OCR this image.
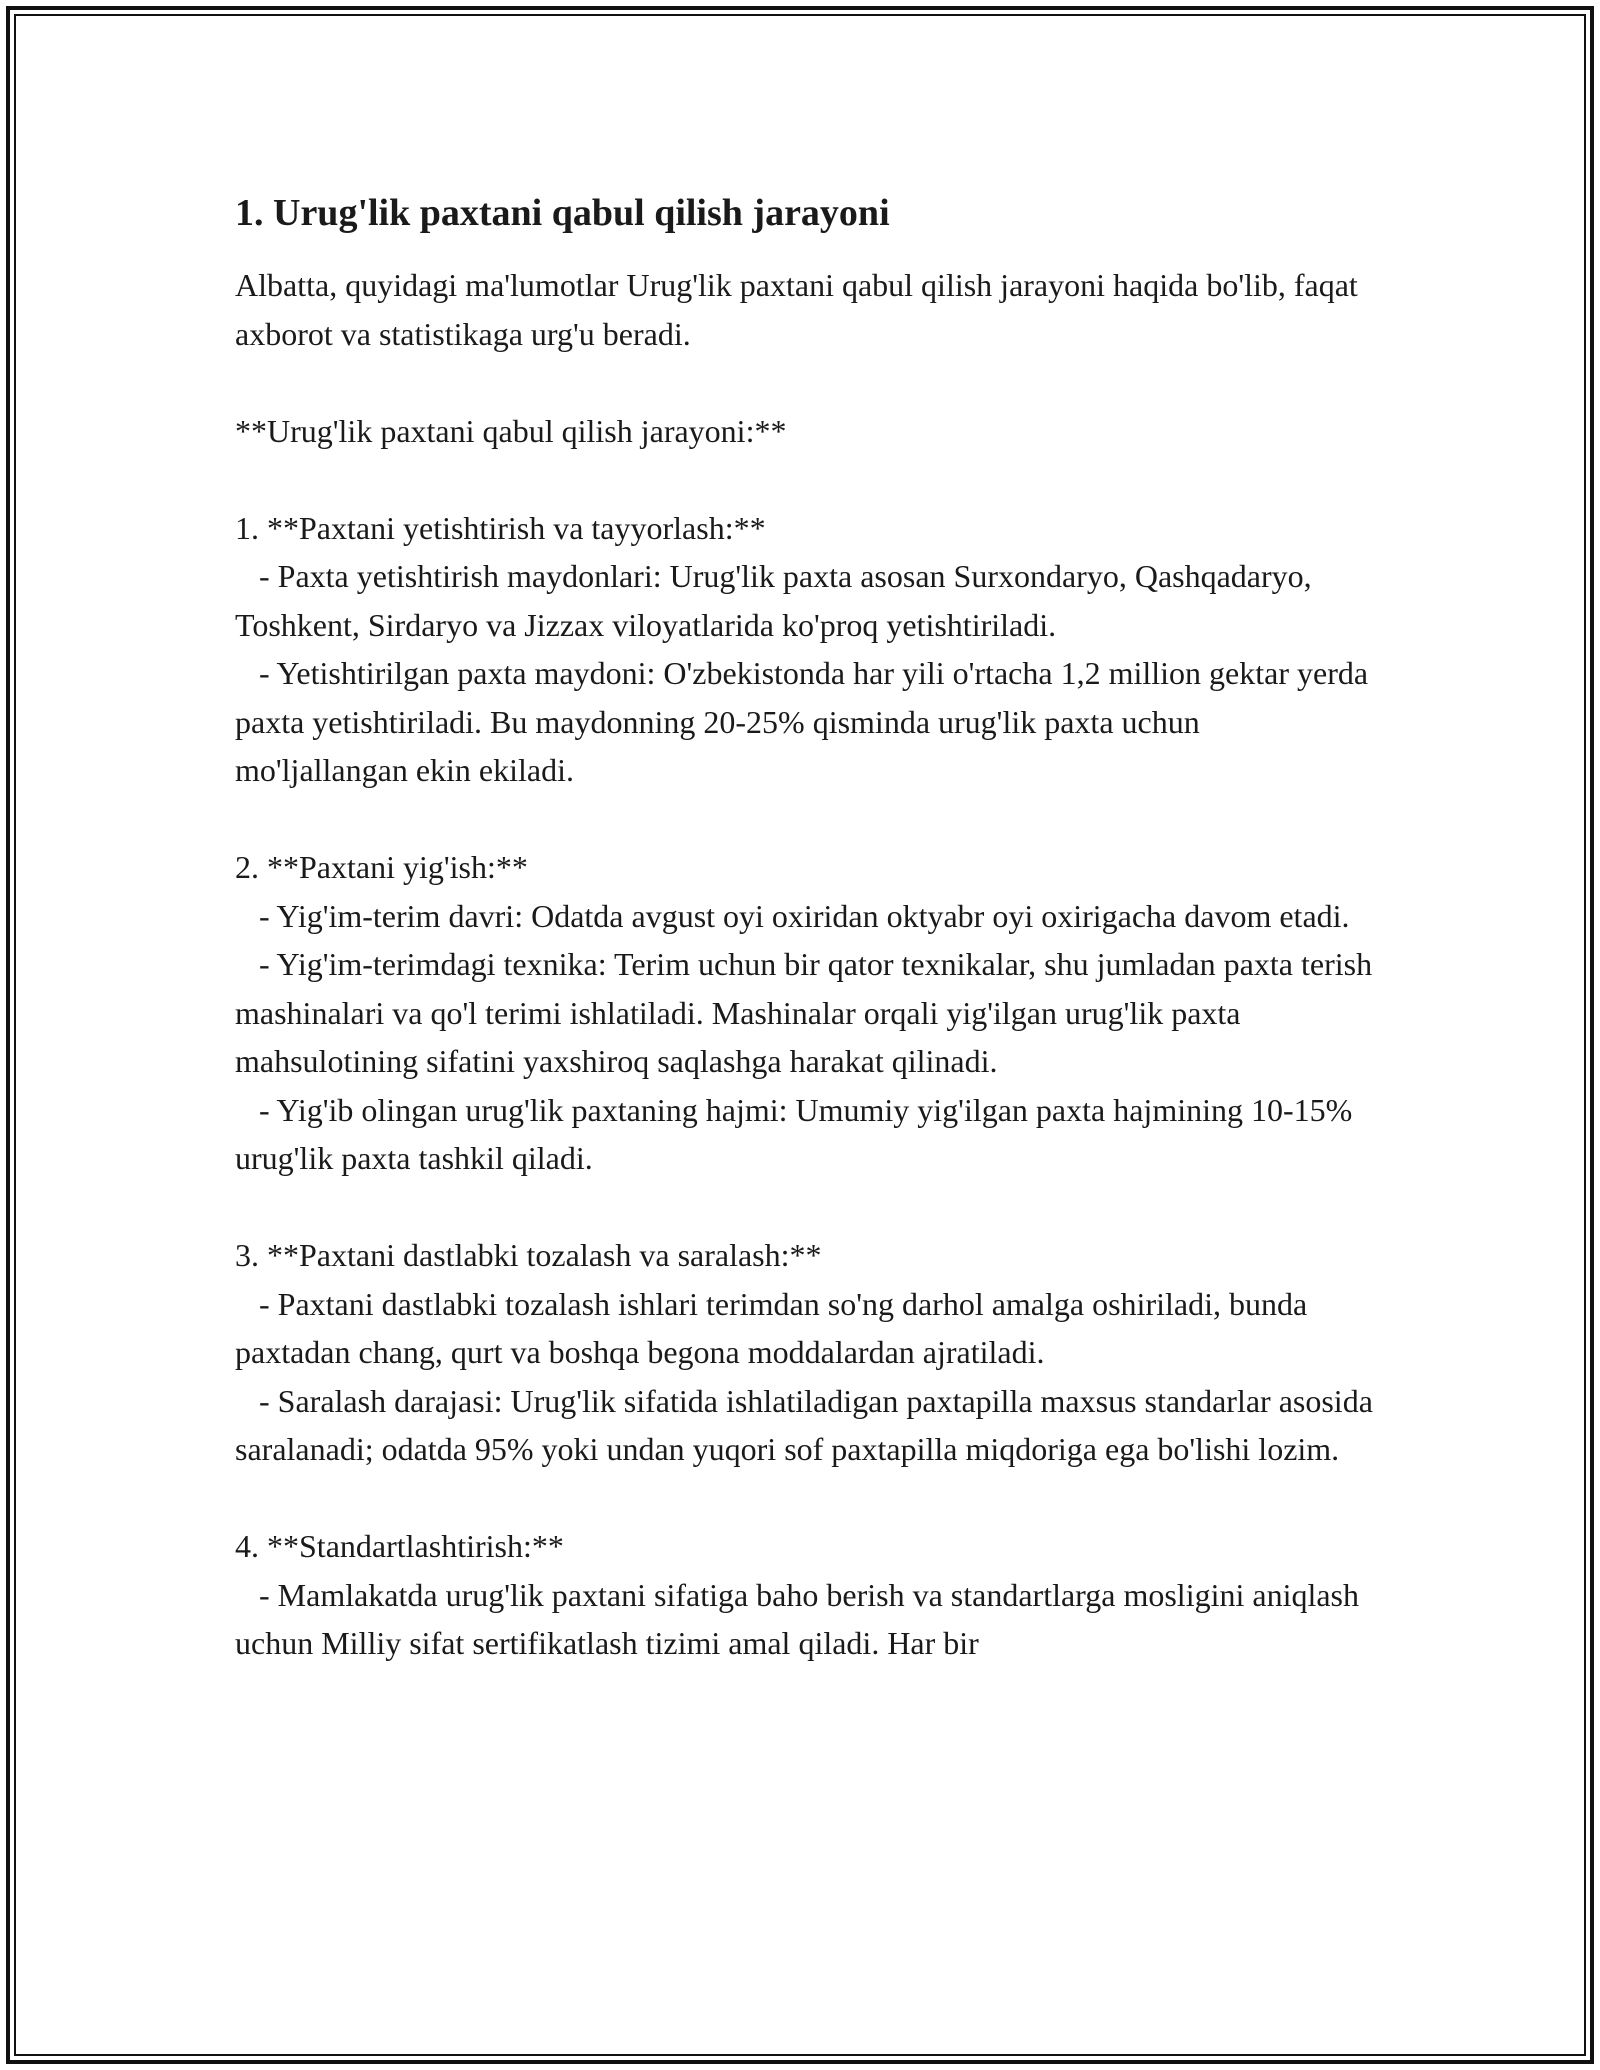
1. Urug'lik paxtani qabul qilish jarayoni

Albatta, quyidagi ma'lumotlar Urug'lik paxtani qabul qilish jarayoni haqida bo'lib, faqat axborot va statistikaga urg'u beradi.

**Urug'lik paxtani qabul qilish jarayoni:**

1. **Paxtani yetishtirish va tayyorlash:**

- Paxta yetishtirish maydonlari: Urug'lik paxta asosan Surxondaryo, Qashqadaryo, Toshkent, Sirdaryo va Jizzax viloyatlarida ko'proq yetishtiriladi.

- Yetishtirilgan paxta maydoni: O'zbekistonda har yili o'rtacha 1,2 million gektar yerda paxta yetishtiriladi. Bu maydonning 20-25% qisminda urug'lik paxta uchun mo'ljallangan ekin ekiladi.

2. **Paxtani yig'ish:**

- Yig'im-terim davri: Odatda avgust oyi oxiridan oktyabr oyi oxirigacha davom etadi.

- Yig'im-terimdagi texnika: Terim uchun bir qator texnikalar, shu jumladan paxta terish mashinalari va qo'l terimi ishlatiladi. Mashinalar orqali yig'ilgan urug'lik paxta mahsulotining sifatini yaxshiroq saqlashga harakat qilinadi.

- Yig'ib olingan urug'lik paxtaning hajmi: Umumiy yig'ilgan paxta hajmining 10-15% urug'lik paxta tashkil qiladi.

3. **Paxtani dastlabki tozalash va saralash:**

- Paxtani dastlabki tozalash ishlari terimdan so'ng darhol amalga oshiriladi, bunda paxtadan chang, qurt va boshqa begona moddalardan ajratiladi.

- Saralash darajasi: Urug'lik sifatida ishlatiladigan paxtapilla maxsus standarlar asosida saralanadi; odatda 95% yoki undan yuqori sof paxtapilla miqdoriga ega bo'lishi lozim.

4. **Standartlashtirish:**

- Mamlakatda urug'lik paxtani sifatiga baho berish va standartlarga mosligini aniqlash uchun Milliy sifat sertifikatlash tizimi amal qiladi. Har bir
